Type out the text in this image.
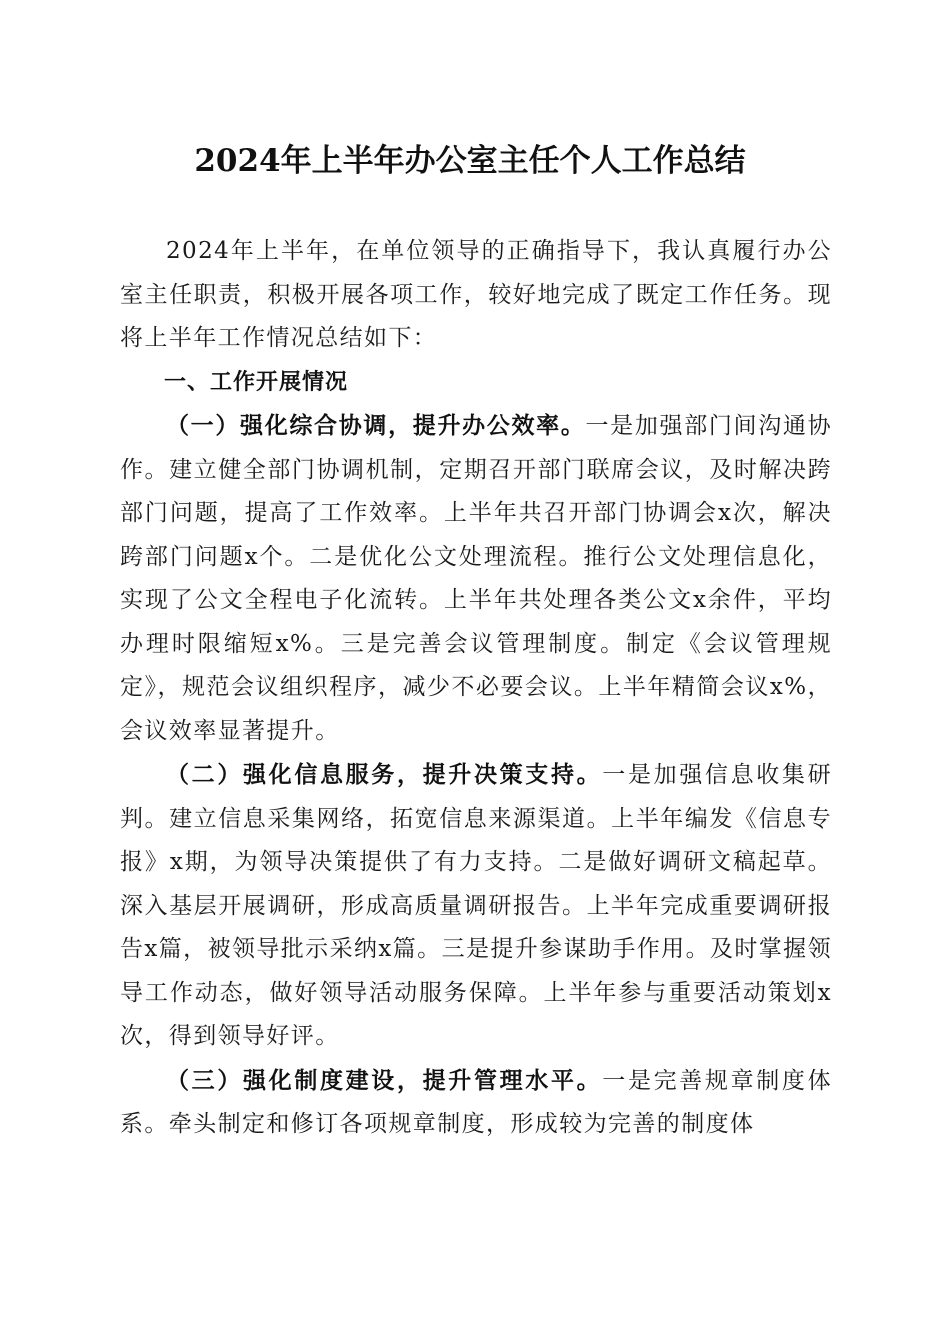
2024年上半年办公室主任个人工作总结

2024年上半年，在单位领导的正确指导下，我认真履行办公室主任职责，积极开展各项工作，较好地完成了既定工作任务。现将上半年工作情况总结如下：

一、工作开展情况

（一）强化综合协调，提升办公效率。一是加强部门间沟通协作。建立健全部门协调机制，定期召开部门联席会议，及时解决跨部门问题，提高了工作效率。上半年共召开部门协调会x次，解决跨部门问题x个。二是优化公文处理流程。推行公文处理信息化，实现了公文全程电子化流转。上半年共处理各类公文x余件，平均办理时限缩短x%。三是完善会议管理制度。制定《会议管理规定》，规范会议组织程序，减少不必要会议。上半年精简会议x%，会议效率显著提升。

（二）强化信息服务，提升决策支持。一是加强信息收集研判。建立信息采集网络，拓宽信息来源渠道。上半年编发《信息专报》x期，为领导决策提供了有力支持。二是做好调研文稿起草。深入基层开展调研，形成高质量调研报告。上半年完成重要调研报告x篇，被领导批示采纳x篇。三是提升参谋助手作用。及时掌握领导工作动态，做好领导活动服务保障。上半年参与重要活动策划x次，得到领导好评。

（三）强化制度建设，提升管理水平。一是完善规章制度体系。牵头制定和修订各项规章制度，形成较为完善的制度体
